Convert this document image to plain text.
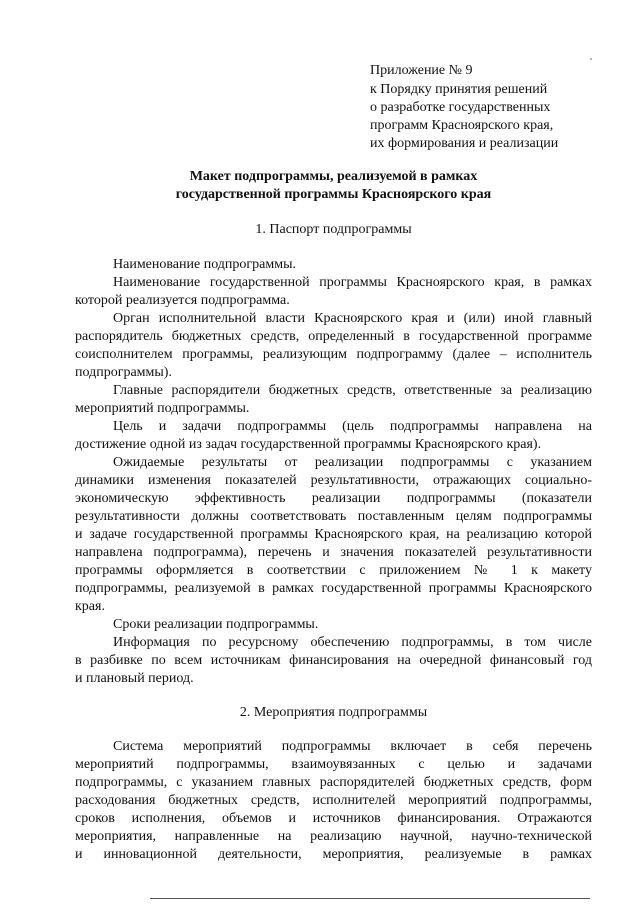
Приложение № 9
к Порядку принятия решений
о разработке государственных
программ Красноярского края,
их формирования и реализации
Макет подпрограммы, реализуемой в рамках
государственной программы Красноярского края
1. Паспорт подпрограммы
Наименование подпрограммы.
Наименование государственной программы Красноярского края, в рамках
которой реализуется подпрограмма.
Орган исполнительной власти Красноярского края и (или) иной главный
распорядитель бюджетных средств, определенный в государственной программе
соисполнителем программы, реализующим подпрограмму (далее – исполнитель
подпрограммы).
Главные распорядители бюджетных средств, ответственные за реализацию
мероприятий подпрограммы.
Цель и задачи подпрограммы (цель подпрограммы направлена на
достижение одной из задач государственной программы Красноярского края).
Ожидаемые результаты от реализации подпрограммы с указанием
динамики изменения показателей результативности, отражающих социально-
экономическую эффективность реализации подпрограммы (показатели
результативности должны соответствовать поставленным целям подпрограммы
и задаче государственной программы Красноярского края, на реализацию которой
направлена подпрограмма), перечень и значения показателей результативности
программы оформляется в соответствии с приложением № 1 к макету
подпрограммы, реализуемой в рамках государственной программы Красноярского
края.
Сроки реализации подпрограммы.
Информация по ресурсному обеспечению подпрограммы, в том числе
в разбивке по всем источникам финансирования на очередной финансовый год
и плановый период.
2. Мероприятия подпрограммы
Система мероприятий подпрограммы включает в себя перечень
мероприятий подпрограммы, взаимоувязанных с целью и задачами
подпрограммы, с указанием главных распорядителей бюджетных средств, форм
расходования бюджетных средств, исполнителей мероприятий подпрограммы,
сроков исполнения, объемов и источников финансирования. Отражаются
мероприятия, направленные на реализацию научной, научно-технической
и инновационной деятельности, мероприятия, реализуемые в рамках
